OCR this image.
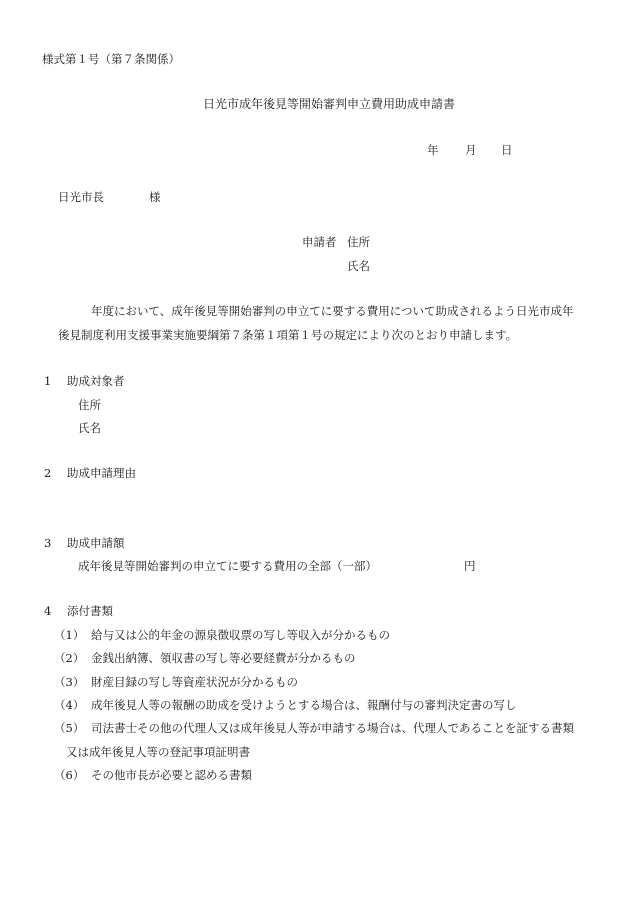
様式第１号（第７条関係）
日光市成年後見等開始審判申立費用助成申請書
年 月 日
日光市長	様
申請者 住所
氏名
年度において、成年後見等開始審判の申立てに要する費用について助成されるよう日光市成年
後見制度利用支援事業実施要綱第７条第１項第１号の規定により次のとおり申請します。
1 助成対象者
住所
氏名
2 助成申請理由
3 助成申請額
成年後見等開始審判の申立てに要する費用の全部（一部）	円
4 添付書類
（1） 給与又は公的年金の源泉徴収票の写し等収入が分かるもの
（2） 金銭出納簿、領収書の写し等必要経費が分かるもの
（3） 財産目録の写し等資産状況が分かるもの
（4） 成年後見人等の報酬の助成を受けようとする場合は、報酬付与の審判決定書の写し
（5） 司法書士その他の代理人又は成年後見人等が申請する場合は、代理人であることを証する書類
又は成年後見人等の登記事項証明書
（6） その他市長が必要と認める書類
